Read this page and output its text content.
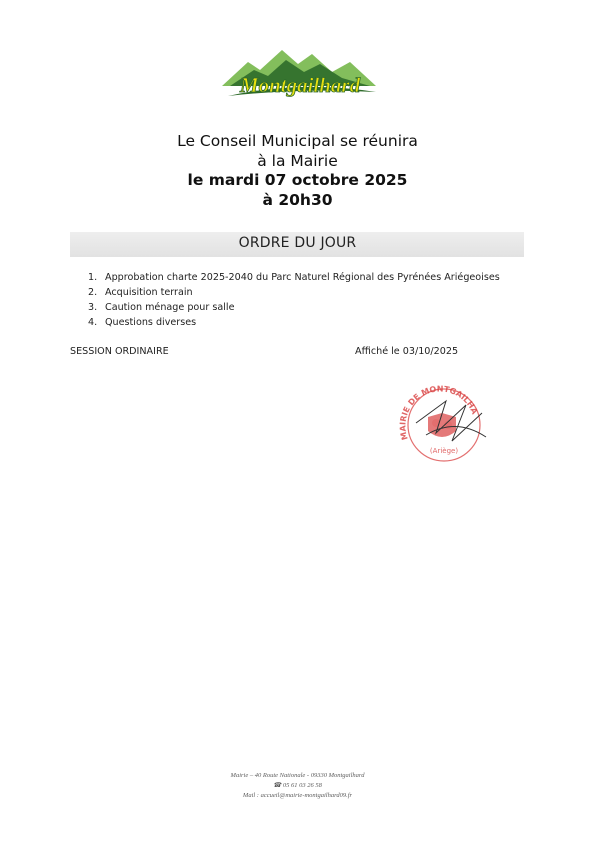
Montgailhard
Le Conseil Municipal se réunira
à la Mairie
le mardi 07 octobre 2025
à 20h30
ORDRE DU JOUR
1. Approbation charte 2025-2040 du Parc Naturel Régional des Pyrénées Ariégeoises
2. Acquisition terrain
3. Caution ménage pour salle
4. Questions diverses
SESSION ORDINAIRE	Affiché le 03/10/2025
MAIRIE DE MONTGAILHA
(Ariège)
Mairie – 40 Route Nationale - 09330 Montgailhard
☎ 05 61 03 26 58
Mail : accueil@mairie-montgailhard09.fr
